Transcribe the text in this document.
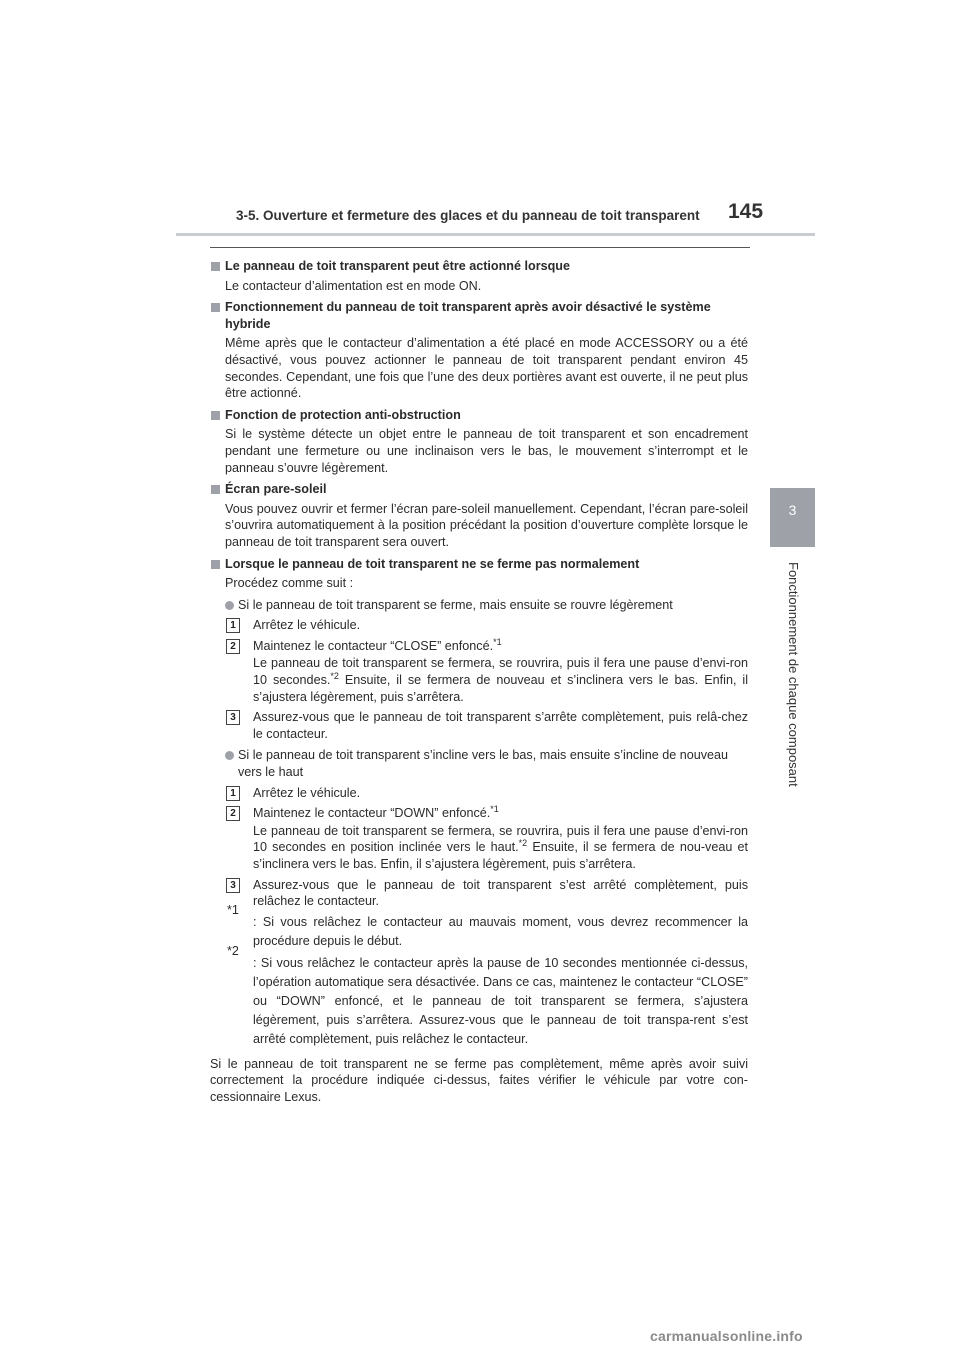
3-5. Ouverture et fermeture des glaces et du panneau de toit transparent 145
3
Fonctionnement de chaque composant
Le panneau de toit transparent peut être actionné lorsque
Le contacteur d’alimentation est en mode ON.
Fonctionnement du panneau de toit transparent après avoir désactivé le système hybride
Même après que le contacteur d’alimentation a été placé en mode ACCESSORY ou a été désactivé, vous pouvez actionner le panneau de toit transparent pendant environ 45 secondes. Cependant, une fois que l’une des deux portières avant est ouverte, il ne peut plus être actionné.
Fonction de protection anti-obstruction
Si le système détecte un objet entre le panneau de toit transparent et son encadrement pendant une fermeture ou une inclinaison vers le bas, le mouvement s’interrompt et le panneau s’ouvre légèrement.
Écran pare-soleil
Vous pouvez ouvrir et fermer l’écran pare-soleil manuellement. Cependant, l’écran pare-soleil s’ouvrira automatiquement à la position précédant la position d’ouverture complète lorsque le panneau de toit transparent sera ouvert.
Lorsque le panneau de toit transparent ne se ferme pas normalement
Procédez comme suit :
Si le panneau de toit transparent se ferme, mais ensuite se rouvre légèrement
1	Arrêtez le véhicule.
2	Maintenez le contacteur “CLOSE” enfoncé.$^{*1}$
Le panneau de toit transparent se fermera, se rouvrira, puis il fera une pause d’envi-ron 10 secondes.$^{*2}$ Ensuite, il se fermera de nouveau et s’inclinera vers le bas. Enfin, il s’ajustera légèrement, puis s’arrêtera.
3	Assurez-vous que le panneau de toit transparent s’arrête complètement, puis relâ-chez le contacteur.
Si le panneau de toit transparent s’incline vers le bas, mais ensuite s’incline de nouveau vers le haut
1	Arrêtez le véhicule.
2	Maintenez le contacteur “DOWN” enfoncé.$^{*1}$
Le panneau de toit transparent se fermera, se rouvrira, puis il fera une pause d’envi-ron 10 secondes en position inclinée vers le haut.$^{*2}$ Ensuite, il se fermera de nou-veau et s’inclinera vers le bas. Enfin, il s’ajustera légèrement, puis s’arrêtera.
3	Assurez-vous que le panneau de toit transparent s’est arrêté complètement, puis relâchez le contacteur.
*1
: Si vous relâchez le contacteur au mauvais moment, vous devrez recommencer la procédure depuis le début.
*2
: Si vous relâchez le contacteur après la pause de 10 secondes mentionnée ci-dessus, l’opération automatique sera désactivée. Dans ce cas, maintenez le contacteur “CLOSE” ou “DOWN” enfoncé, et le panneau de toit transparent se fermera, s’ajustera légèrement, puis s’arrêtera. Assurez-vous que le panneau de toit transpa-rent s’est arrêté complètement, puis relâchez le contacteur.
Si le panneau de toit transparent ne se ferme pas complètement, même après avoir suivi correctement la procédure indiquée ci-dessus, faites vérifier le véhicule par votre con-cessionnaire Lexus.
carmanualsonline.info
